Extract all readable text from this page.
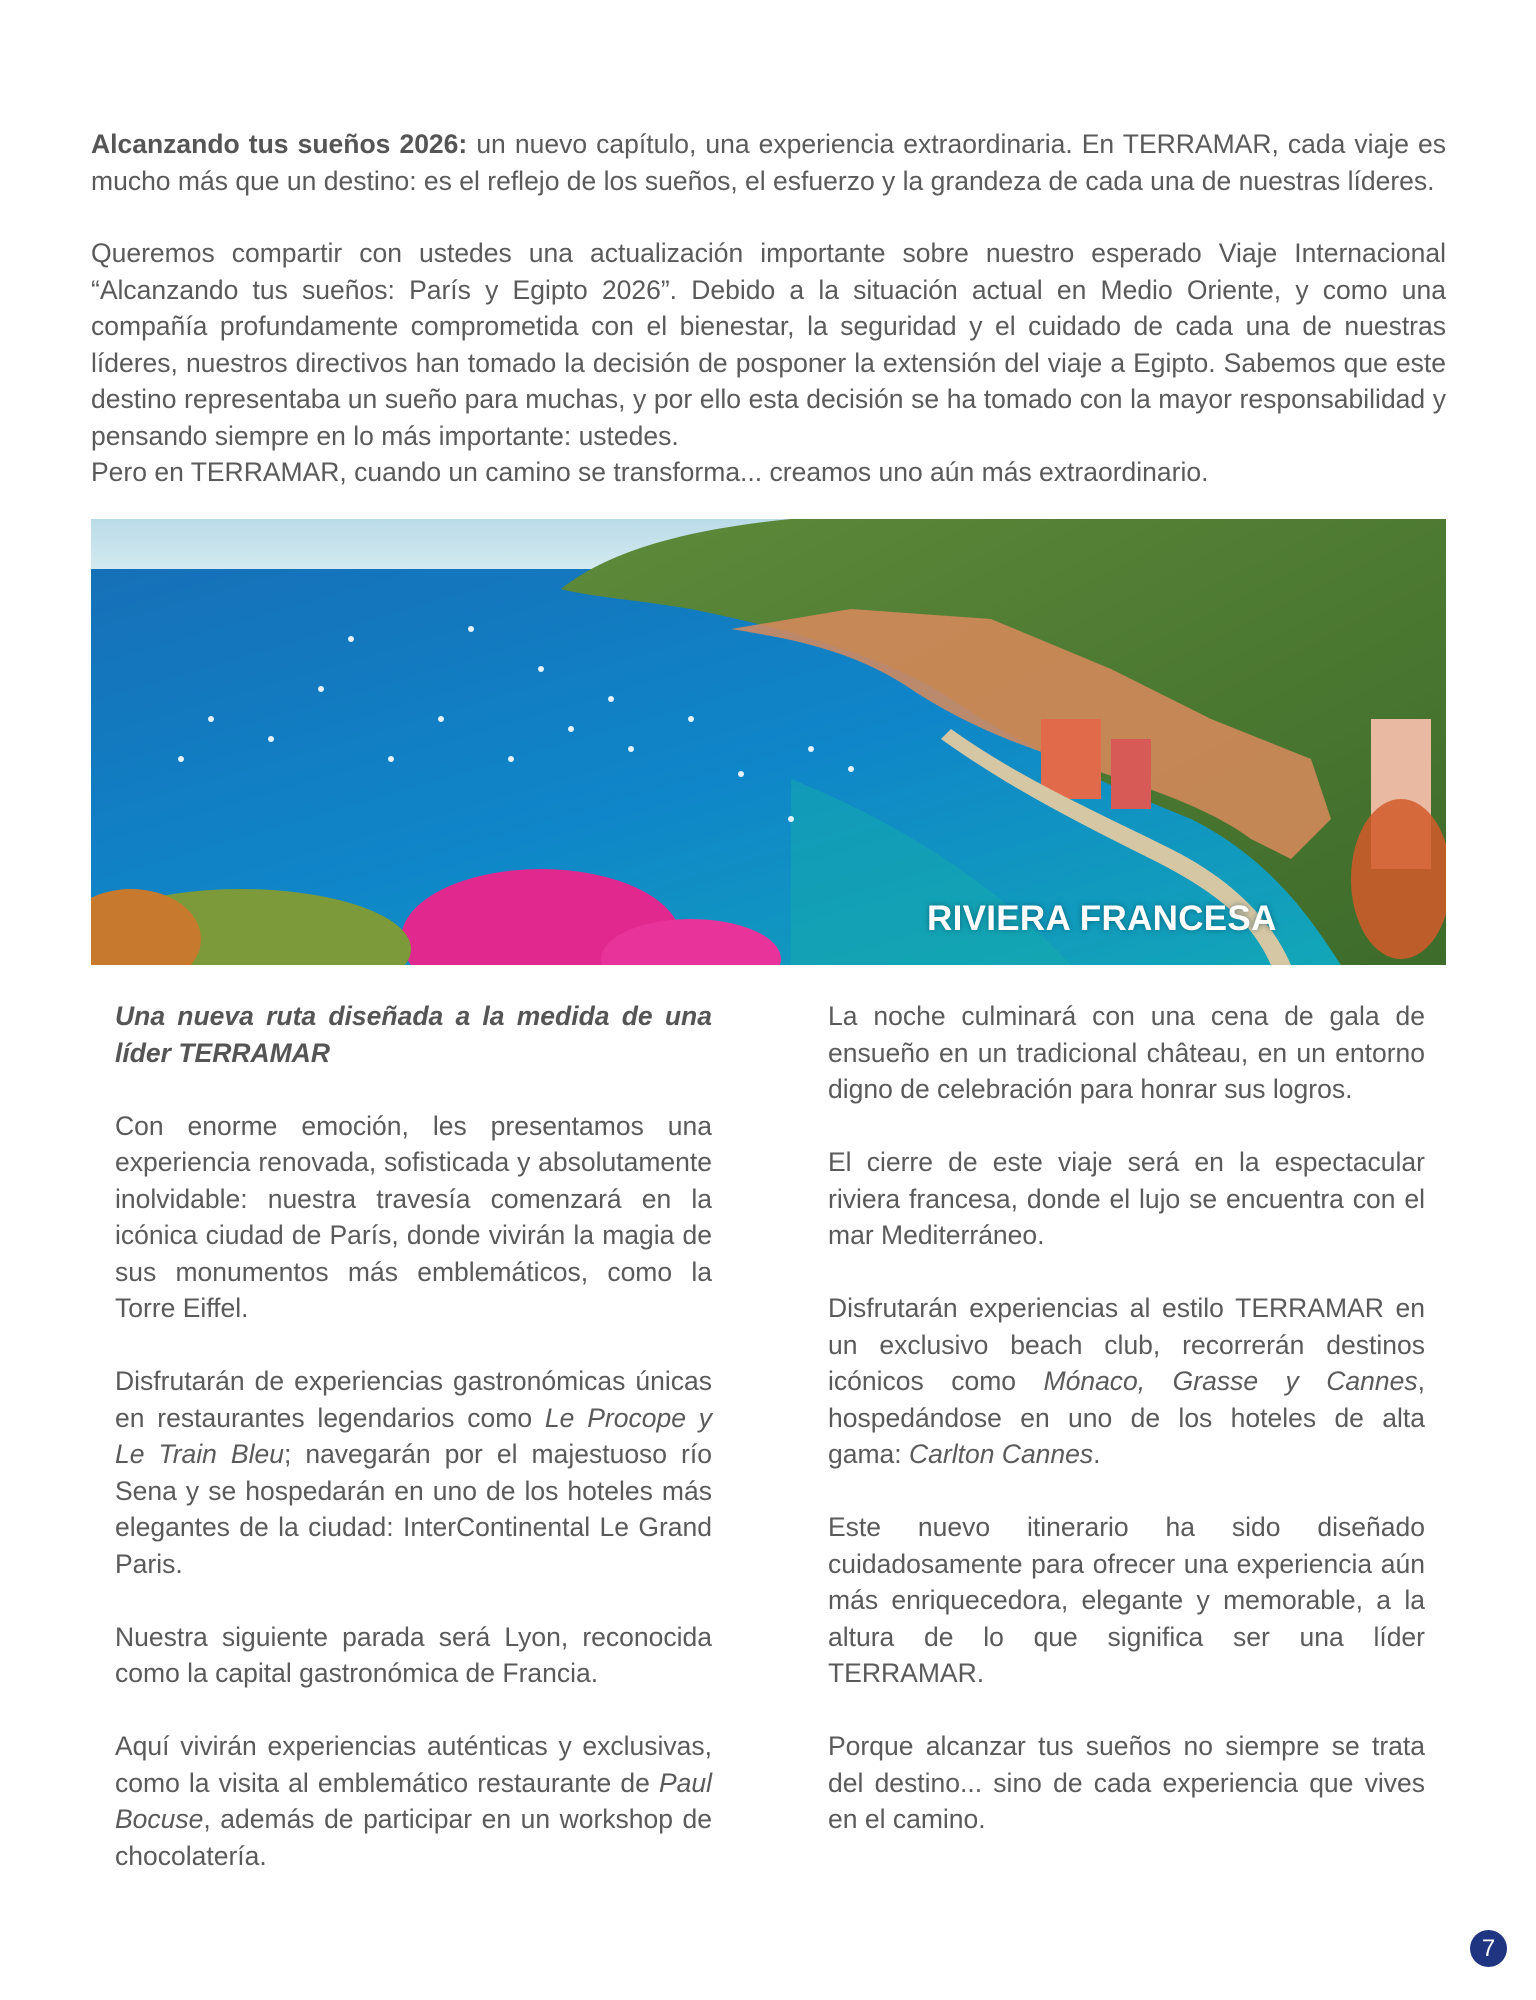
Alcanzando tus sueños 2026: un nuevo capítulo, una experiencia extraordinaria. En TERRAMAR, cada viaje es mucho más que un destino: es el reflejo de los sueños, el esfuerzo y la grandeza de cada una de nuestras líderes.

Queremos compartir con ustedes una actualización importante sobre nuestro esperado Viaje Internacional “Alcanzando tus sueños: París y Egipto 2026”. Debido a la situación actual en Medio Oriente, y como una compañía profundamente comprometida con el bienestar, la seguridad y el cuidado de cada una de nuestras líderes, nuestros directivos han tomado la decisión de posponer la extensión del viaje a Egipto. Sabemos que este destino representaba un sueño para muchas, y por ello esta decisión se ha tomado con la mayor responsabilidad y pensando siempre en lo más importante: ustedes.

Pero en TERRAMAR, cuando un camino se transforma... creamos uno aún más extraordinario.

RIVIERA FRANCESA
Una nueva ruta diseñada a la medida de una líder TERRAMAR

Con enorme emoción, les presentamos una experiencia renovada, sofisticada y absolutamente inolvidable: nuestra travesía comenzará en la icónica ciudad de París, donde vivirán la magia de sus monumentos más emblemáticos, como la Torre Eiffel.

Disfrutarán de experiencias gastronómicas únicas en restaurantes legendarios como Le Procope y Le Train Bleu; navegarán por el majestuoso río Sena y se hospedarán en uno de los hoteles más elegantes de la ciudad: InterContinental Le Grand Paris.

Nuestra siguiente parada será Lyon, reconocida como la capital gastronómica de Francia.

Aquí vivirán experiencias auténticas y exclusivas, como la visita al emblemático restaurante de Paul Bocuse, además de participar en un workshop de chocolatería.

La noche culminará con una cena de gala de ensueño en un tradicional château, en un entorno digno de celebración para honrar sus logros.

El cierre de este viaje será en la espectacular riviera francesa, donde el lujo se encuentra con el mar Mediterráneo.

Disfrutarán experiencias al estilo TERRAMAR en un exclusivo beach club, recorrerán destinos icónicos como Mónaco, Grasse y Cannes, hospedándose en uno de los hoteles de alta gama: Carlton Cannes.

Este nuevo itinerario ha sido diseñado cuidadosamente para ofrecer una experiencia aún más enriquecedora, elegante y memorable, a la altura de lo que significa ser una líder TERRAMAR.

Porque alcanzar tus sueños no siempre se trata del destino... sino de cada experiencia que vives en el camino.

7
